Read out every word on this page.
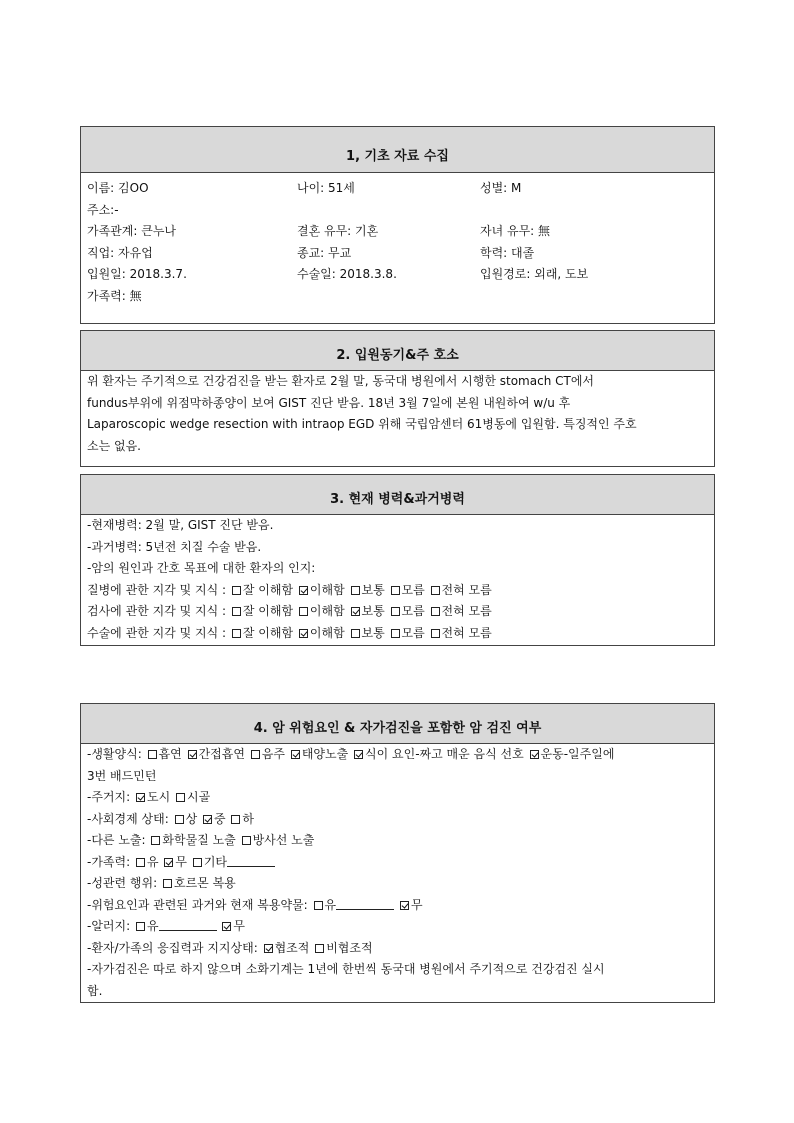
1, 기초 자료 수집
이름: 김OO	나이: 51세	성별: M
주소:-
가족관계: 큰누나	결혼 유무: 기혼	자녀 유무: 無
직업: 자유업	종교: 무교	학력: 대졸
입원일: 2018.3.7.	수술일: 2018.3.8.	입원경로: 외래, 도보
가족력: 無
2. 입원동기&주 호소
위 환자는 주기적으로 건강검진을 받는 환자로 2월 말, 동국대 병원에서 시행한 stomach CT에서
fundus부위에 위점막하종양이 보여 GIST 진단 받음. 18년 3월 7일에 본원 내원하여 w/u 후
Laparoscopic wedge resection with intraop EGD 위해 국립암센터 61병동에 입원함. 특징적인 주호
소는 없음.
3. 현재 병력&과거병력
-현재병력: 2월 말, GIST 진단 받음.
-과거병력: 5년전 치질 수술 받음.
-암의 원인과 간호 목표에 대한 환자의 인지:
질병에 관한 지각 및 지식 : 잘 이해함 이해함 보통 모름 전혀 모름
검사에 관한 지각 및 지식 : 잘 이해함 이해함 보통 모름 전혀 모름
수술에 관한 지각 및 지식 : 잘 이해함 이해함 보통 모름 전혀 모름
4. 암 위험요인 & 자가검진을 포함한 암 검진 여부
-생활양식: 흡연 간접흡연 음주 태양노출 식이 요인-짜고 매운 음식 선호 운동-일주일에
3번 배드민턴
-주거지: 도시 시골
-사회경제 상태: 상 중 하
-다른 노출: 화학물질 노출 방사선 노출
-가족력: 유 무 기타
-성관련 행위: 호르몬 복용
-위험요인과 관련된 과거와 현재 복용약물: 유	무
-알러지: 유	무
-환자/가족의 응집력과 지지상태: 협조적 비협조적
-자가검진은 따로 하지 않으며 소화기계는 1년에 한번씩 동국대 병원에서 주기적으로 건강검진 실시
함.
